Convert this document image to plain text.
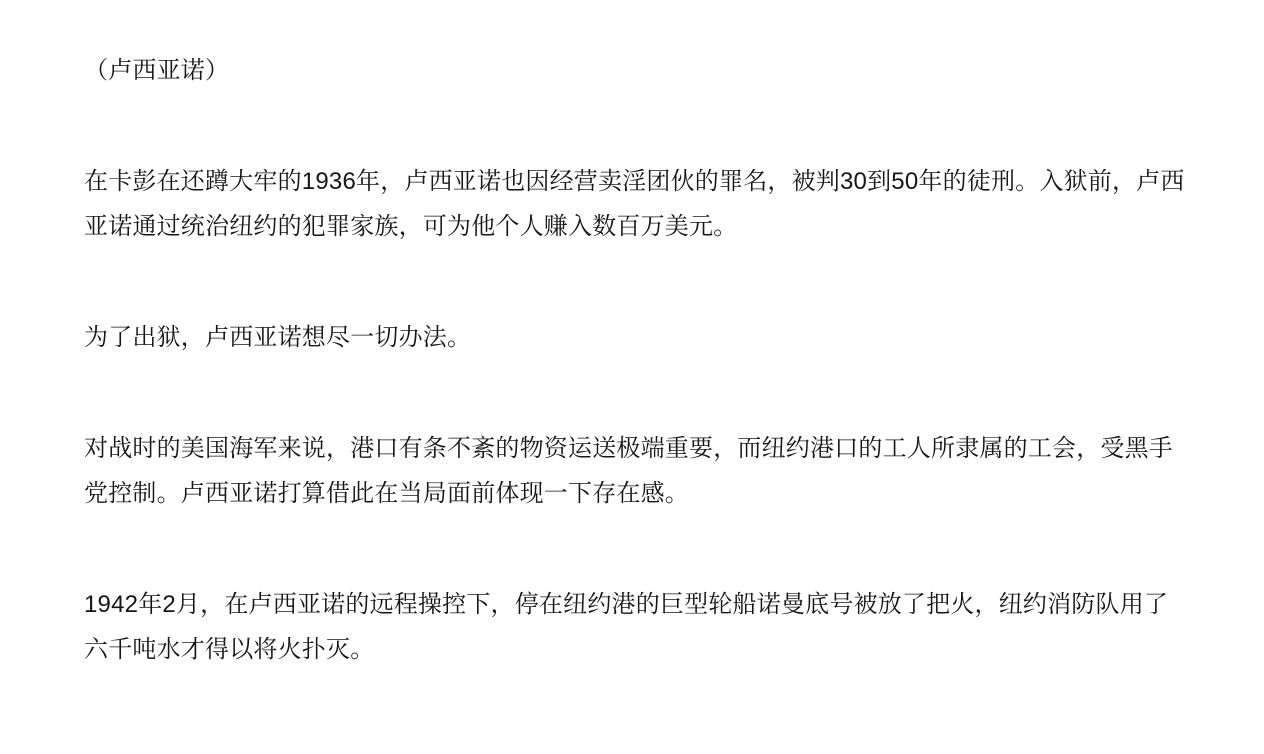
（卢西亚诺）

在卡彭在还蹲大牢的1936年，卢西亚诺也因经营卖淫团伙的罪名，被判30到50年的徒刑。入狱前，卢西亚诺通过统治纽约的犯罪家族，可为他个人赚入数百万美元。

为了出狱，卢西亚诺想尽一切办法。

对战时的美国海军来说，港口有条不紊的物资运送极端重要，而纽约港口的工人所隶属的工会，受黑手党控制。卢西亚诺打算借此在当局面前体现一下存在感。

1942年2月，在卢西亚诺的远程操控下，停在纽约港的巨型轮船诺曼底号被放了把火，纽约消防队用了六千吨水才得以将火扑灭。
